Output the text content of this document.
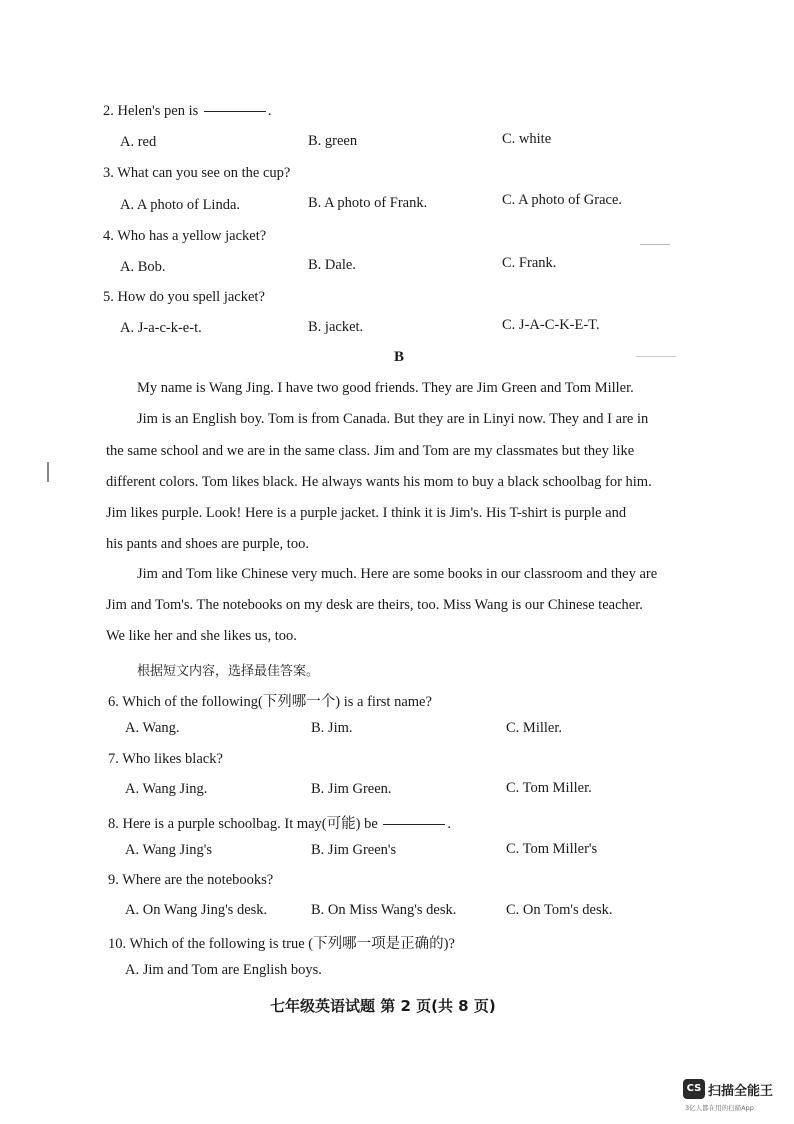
2. Helen's pen is	.
A. red	B. green	C. white
3. What can you see on the cup?
A. A photo of Linda.	B. A photo of Frank.	C. A photo of Grace.
4. Who has a yellow jacket?
A. Bob.	B. Dale.	C. Frank.
5. How do you spell jacket?
A. J-a-c-k-e-t.	B. jacket.	C. J-A-C-K-E-T.
B
My name is Wang Jing. I have two good friends. They are Jim Green and Tom Miller.
Jim is an English boy. Tom is from Canada. But they are in Linyi now. They and I are in
the same school and we are in the same class. Jim and Tom are my classmates but they like
different colors. Tom likes black. He always wants his mom to buy a black schoolbag for him.
Jim likes purple. Look! Here is a purple jacket. I think it is Jim's. His T-shirt is purple and
his pants and shoes are purple, too.
Jim and Tom like Chinese very much. Here are some books in our classroom and they are
Jim and Tom's. The notebooks on my desk are theirs, too. Miss Wang is our Chinese teacher.
We like her and she likes us, too.
根据短文内容，选择最佳答案。
6. Which of the following(下列哪一个) is a first name?
A. Wang.	B. Jim.	C. Miller.
7. Who likes black?
A. Wang Jing.	B. Jim Green.	C. Tom Miller.
8. Here is a purple schoolbag. It may(可能) be	.
A. Wang Jing's	B. Jim Green's	C. Tom Miller's
9. Where are the notebooks?
A. On Wang Jing's desk.	B. On Miss Wang's desk.	C. On Tom's desk.
10. Which of the following is true (下列哪一项是正确的)?
A. Jim and Tom are English boys.
七年级英语试题 第 2 页(共 8 页)
CS 扫描全能王
3亿人都在用的扫描App
